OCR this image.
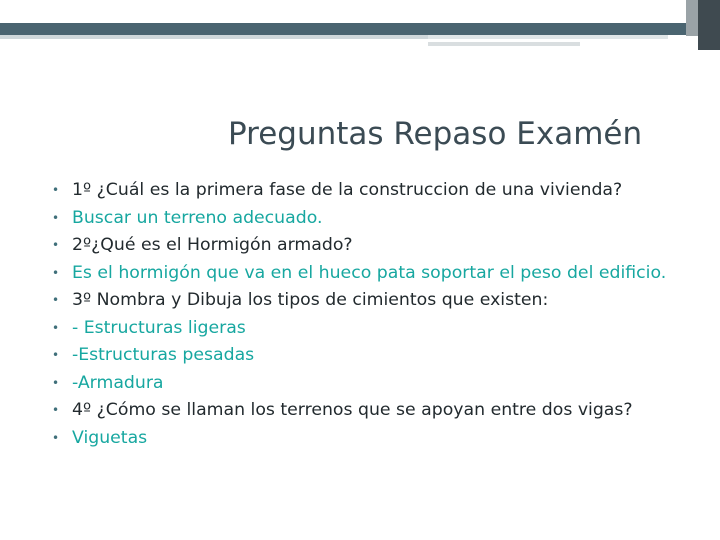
Preguntas Repaso Examén
• 1º ¿Cuál es la primera fase de la construccion de una vivienda?
• Buscar un terreno adecuado.
• 2º¿Qué es el Hormigón armado?
• Es el hormigón que va en el hueco pata soportar el peso del edificio.
• 3º Nombra y Dibuja los tipos de cimientos que existen:
• - Estructuras ligeras
• -Estructuras pesadas
• -Armadura
• 4º ¿Cómo se llaman los terrenos que se apoyan entre dos vigas?
• Viguetas
